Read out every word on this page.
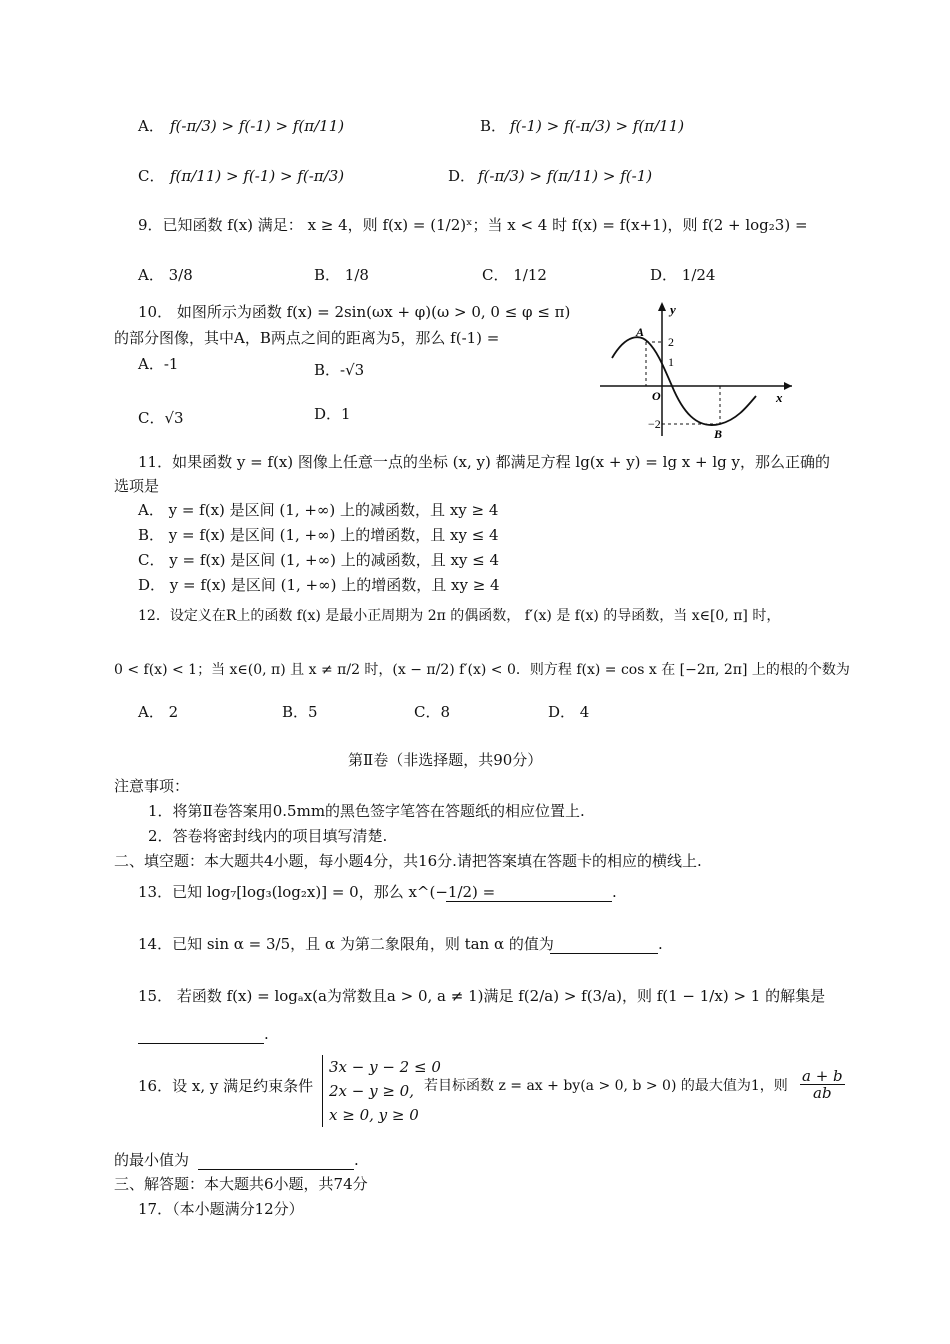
A． f(-π/3) > f(-1) > f(π/11)	B． f(-1) > f(-π/3) > f(π/11)
C． f(π/11) > f(-1) > f(-π/3)	D． f(-π/3) > f(π/11) > f(-1)
9．已知函数 f(x) 满足： x ≥ 4，则 f(x) = (1/2)ˣ；当 x < 4 时 f(x) = f(x+1)，则 f(2 + log₂3) =
A． 3/8	B． 1/8	C． 1/12	D． 1/24
10． 如图所示为函数 f(x) = 2sin(ωx + φ)(ω > 0, 0 ≤ φ ≤ π)
的部分图像，其中A，B两点之间的距离为5，那么 f(-1) =
A．-1	B．-√3
C．√3	D．1
y
x
O
2
1
−2
A
B
11．如果函数 y = f(x) 图像上任意一点的坐标 (x, y) 都满足方程 lg(x + y) = lg x + lg y，那么正确的
选项是
A． y = f(x) 是区间 (1, +∞) 上的减函数，且 xy ≥ 4
B． y = f(x) 是区间 (1, +∞) 上的增函数，且 xy ≤ 4
C． y = f(x) 是区间 (1, +∞) 上的减函数，且 xy ≤ 4
D． y = f(x) 是区间 (1, +∞) 上的增函数，且 xy ≥ 4
12．设定义在R上的函数 f(x) 是最小正周期为 2π 的偶函数， f′(x) 是 f(x) 的导函数，当 x∈[0, π] 时，
0 < f(x) < 1；当 x∈(0, π) 且 x ≠ π/2 时，(x − π/2) f′(x) < 0．则方程 f(x) = cos x 在 [−2π, 2π] 上的根的个数为
A． 2	B．5	C．8	D． 4
第Ⅱ卷（非选择题，共90分）
注意事项：
1．将第Ⅱ卷答案用0.5mm的黑色签字笔答在答题纸的相应位置上.
2．答卷将密封线内的项目填写清楚.
二、填空题：本大题共4小题，每小题4分，共16分.请把答案填在答题卡的相应的横线上.
13．已知 log₇[log₃(log₂x)] = 0，那么 x^(−1/2) =	.
14．已知 sin α = 3/5，且 α 为第二象限角，则 tan α 的值为	.
15． 若函数 f(x) = logₐx(a为常数且a > 0, a ≠ 1)满足 f(2/a) > f(3/a)，则 f(1 − 1/x) > 1 的解集是
.
16．设 x, y 满足约束条件
3x − y − 2 ≤ 0
2x − y ≥ 0,
x ≥ 0, y ≥ 0
若目标函数 z = ax + by(a > 0, b > 0) 的最大值为1，则 $\frac{a + b}{ab}$
的最小值为	.
三、解答题：本大题共6小题，共74分
17．（本小题满分12分）
